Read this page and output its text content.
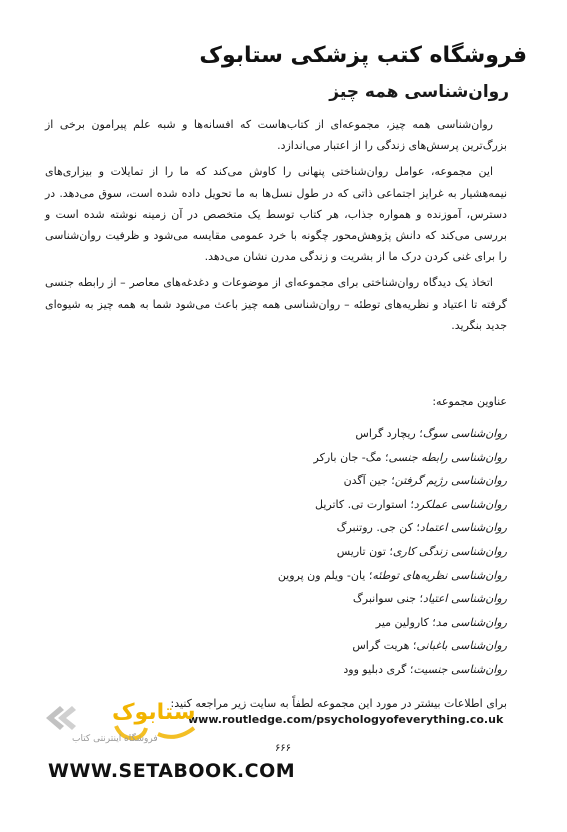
فروشگاه کتب پزشکی ستابوک
روان‌شناسی همه چیز

روان‌شناسی همه‌ چیز، مجموعه‌ای از کتاب‌هاست که افسانه‌ها و شبه علم پیرامون برخی از بزرگ‌ترین پرسش‌های زندگی را از اعتبار می‌اندازد.

این مجموعه، عوامل روان‌شناختی پنهانی را کاوش می‌کند که ما را از تمایلات و بیزاری‌های نیمه‌هشیار به غرایز اجتماعی ذاتی که در طول نسل‌ها به ما تحویل داده شده است، سوق می‌دهد. در دسترس، آموزنده و همواره جذاب، هر کتاب توسط یک متخصص در آن زمینه نوشته شده است و بررسی می‌کند که دانش پژوهش‌محور چگونه با خرد عمومی مقایسه می‌شود و ظرفیت روان‌شناسی را برای غنی کردن درک ما از بشریت و زندگی مدرن نشان می‌دهد.

اتخاذ یک دیدگاه روان‌شناختی برای مجموعه‌ای از موضوعات و دغدغه‌های معاصر – از رابطه جنسی گرفته تا اعتیاد و نظریه‌های توطئه – روان‌شناسی همه چیز باعث می‌شود شما به همه چیز به شیوه‌ای جدید بنگرید.

عناوین مجموعه:
روان‌شناسی سوگ؛ ریچارد گراس
روان‌شناسی رابطه جنسی؛ مگ- جان بارکر
روان‌شناسی رژیم گرفتن؛ جین آگدن
روان‌شناسی عملکرد؛ استوارت تی. کاتریل
روان‌شناسی اعتماد؛ کن جی. روتنبرگ
روان‌شناسی زندگی کاری؛ تون تاریس
روان‌شناسی نظریه‌های توطئه؛ یان- ویلم ون پروین
روان‌شناسی اعتیاد؛ جنی سوانبرگ
روان‌شناسی مد؛ کارولین میر
روان‌شناسی باغبانی؛ هریت گراس
روان‌شناسی جنسیت؛ گری دبلیو وود
برای اطلاعات بیشتر در مورد این مجموعه لطفاً به سایت زیر مراجعه کنید:
www.routledge.com/psychologyofeverything.co.uk
۶۶۶
ستابوک
فروشگاه اینترنتی کتاب
WWW.SETABOOK.COM
